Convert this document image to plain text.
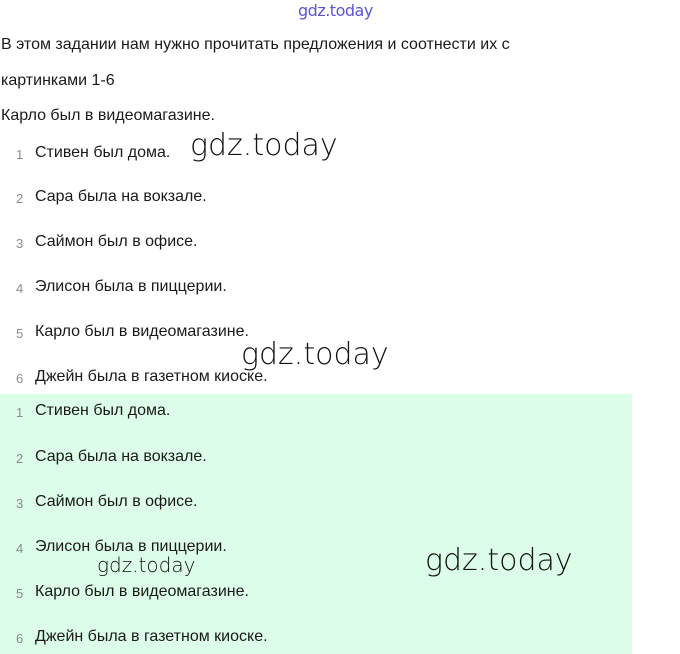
gdz.today
В этом задании нам нужно прочитать предложения и соотнести их с
картинками 1-6
Карло был в видеомагазине.
1 Стивен был дома.
2 Сара была на вокзале.
3 Саймон был в офисе.
4 Элисон была в пиццерии.
5 Карло был в видеомагазине.
6 Джейн была в газетном киоске.
1 Стивен был дома.
2 Сара была на вокзале.
3 Саймон был в офисе.
4 Элисон была в пиццерии.
5 Карло был в видеомагазине.
6 Джейн была в газетном киоске.
gdz.today
gdz.today
gdz.today
gdz.today
